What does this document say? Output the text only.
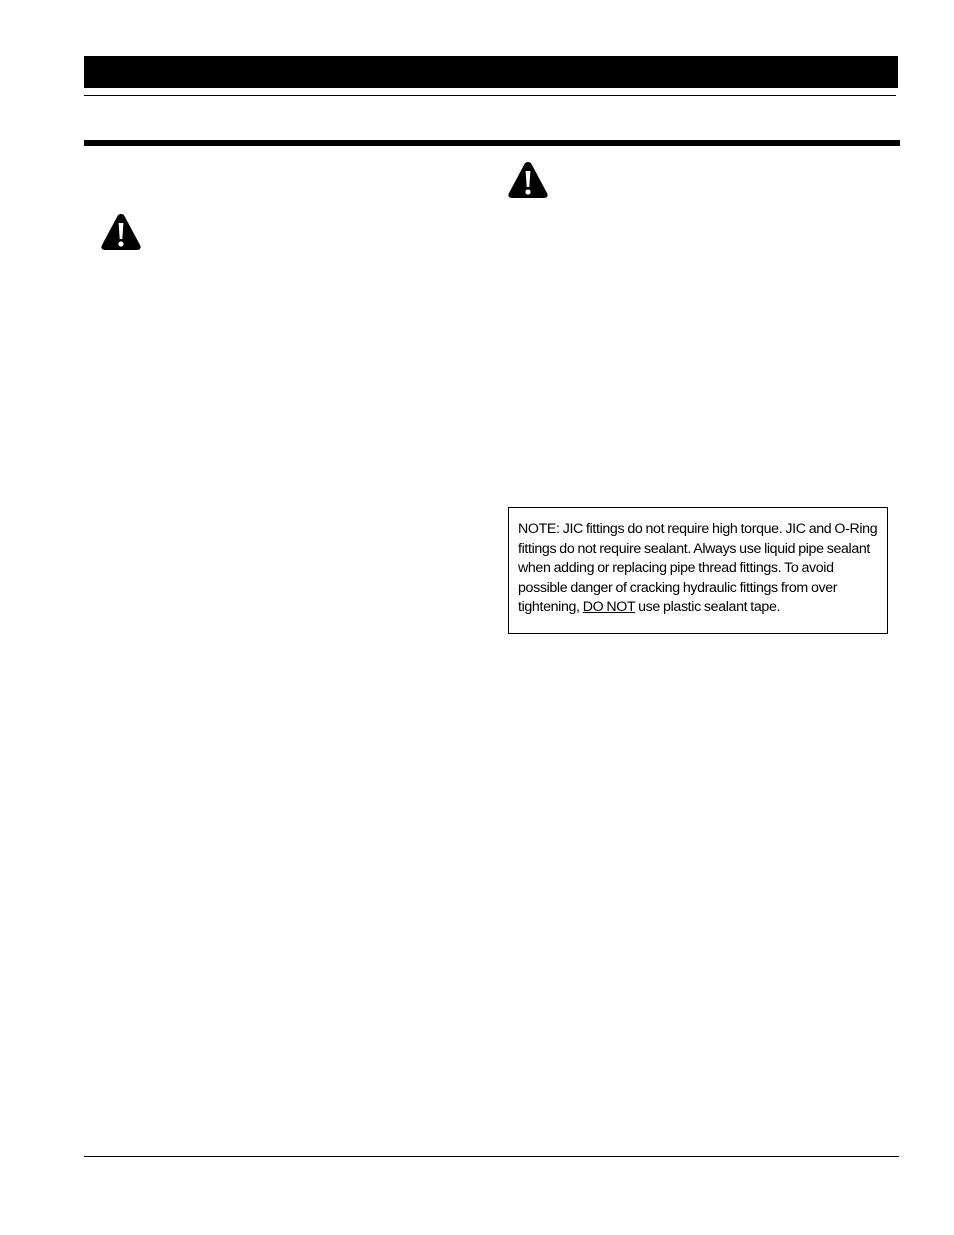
NOTE: JIC fittings do not require high torque. JIC and O-Ring fittings do not require sealant. Always use liquid pipe sealant when adding or replacing pipe thread fittings. To avoid possible danger of cracking hydraulic fittings from over tightening, DO NOT use plastic sealant tape.
